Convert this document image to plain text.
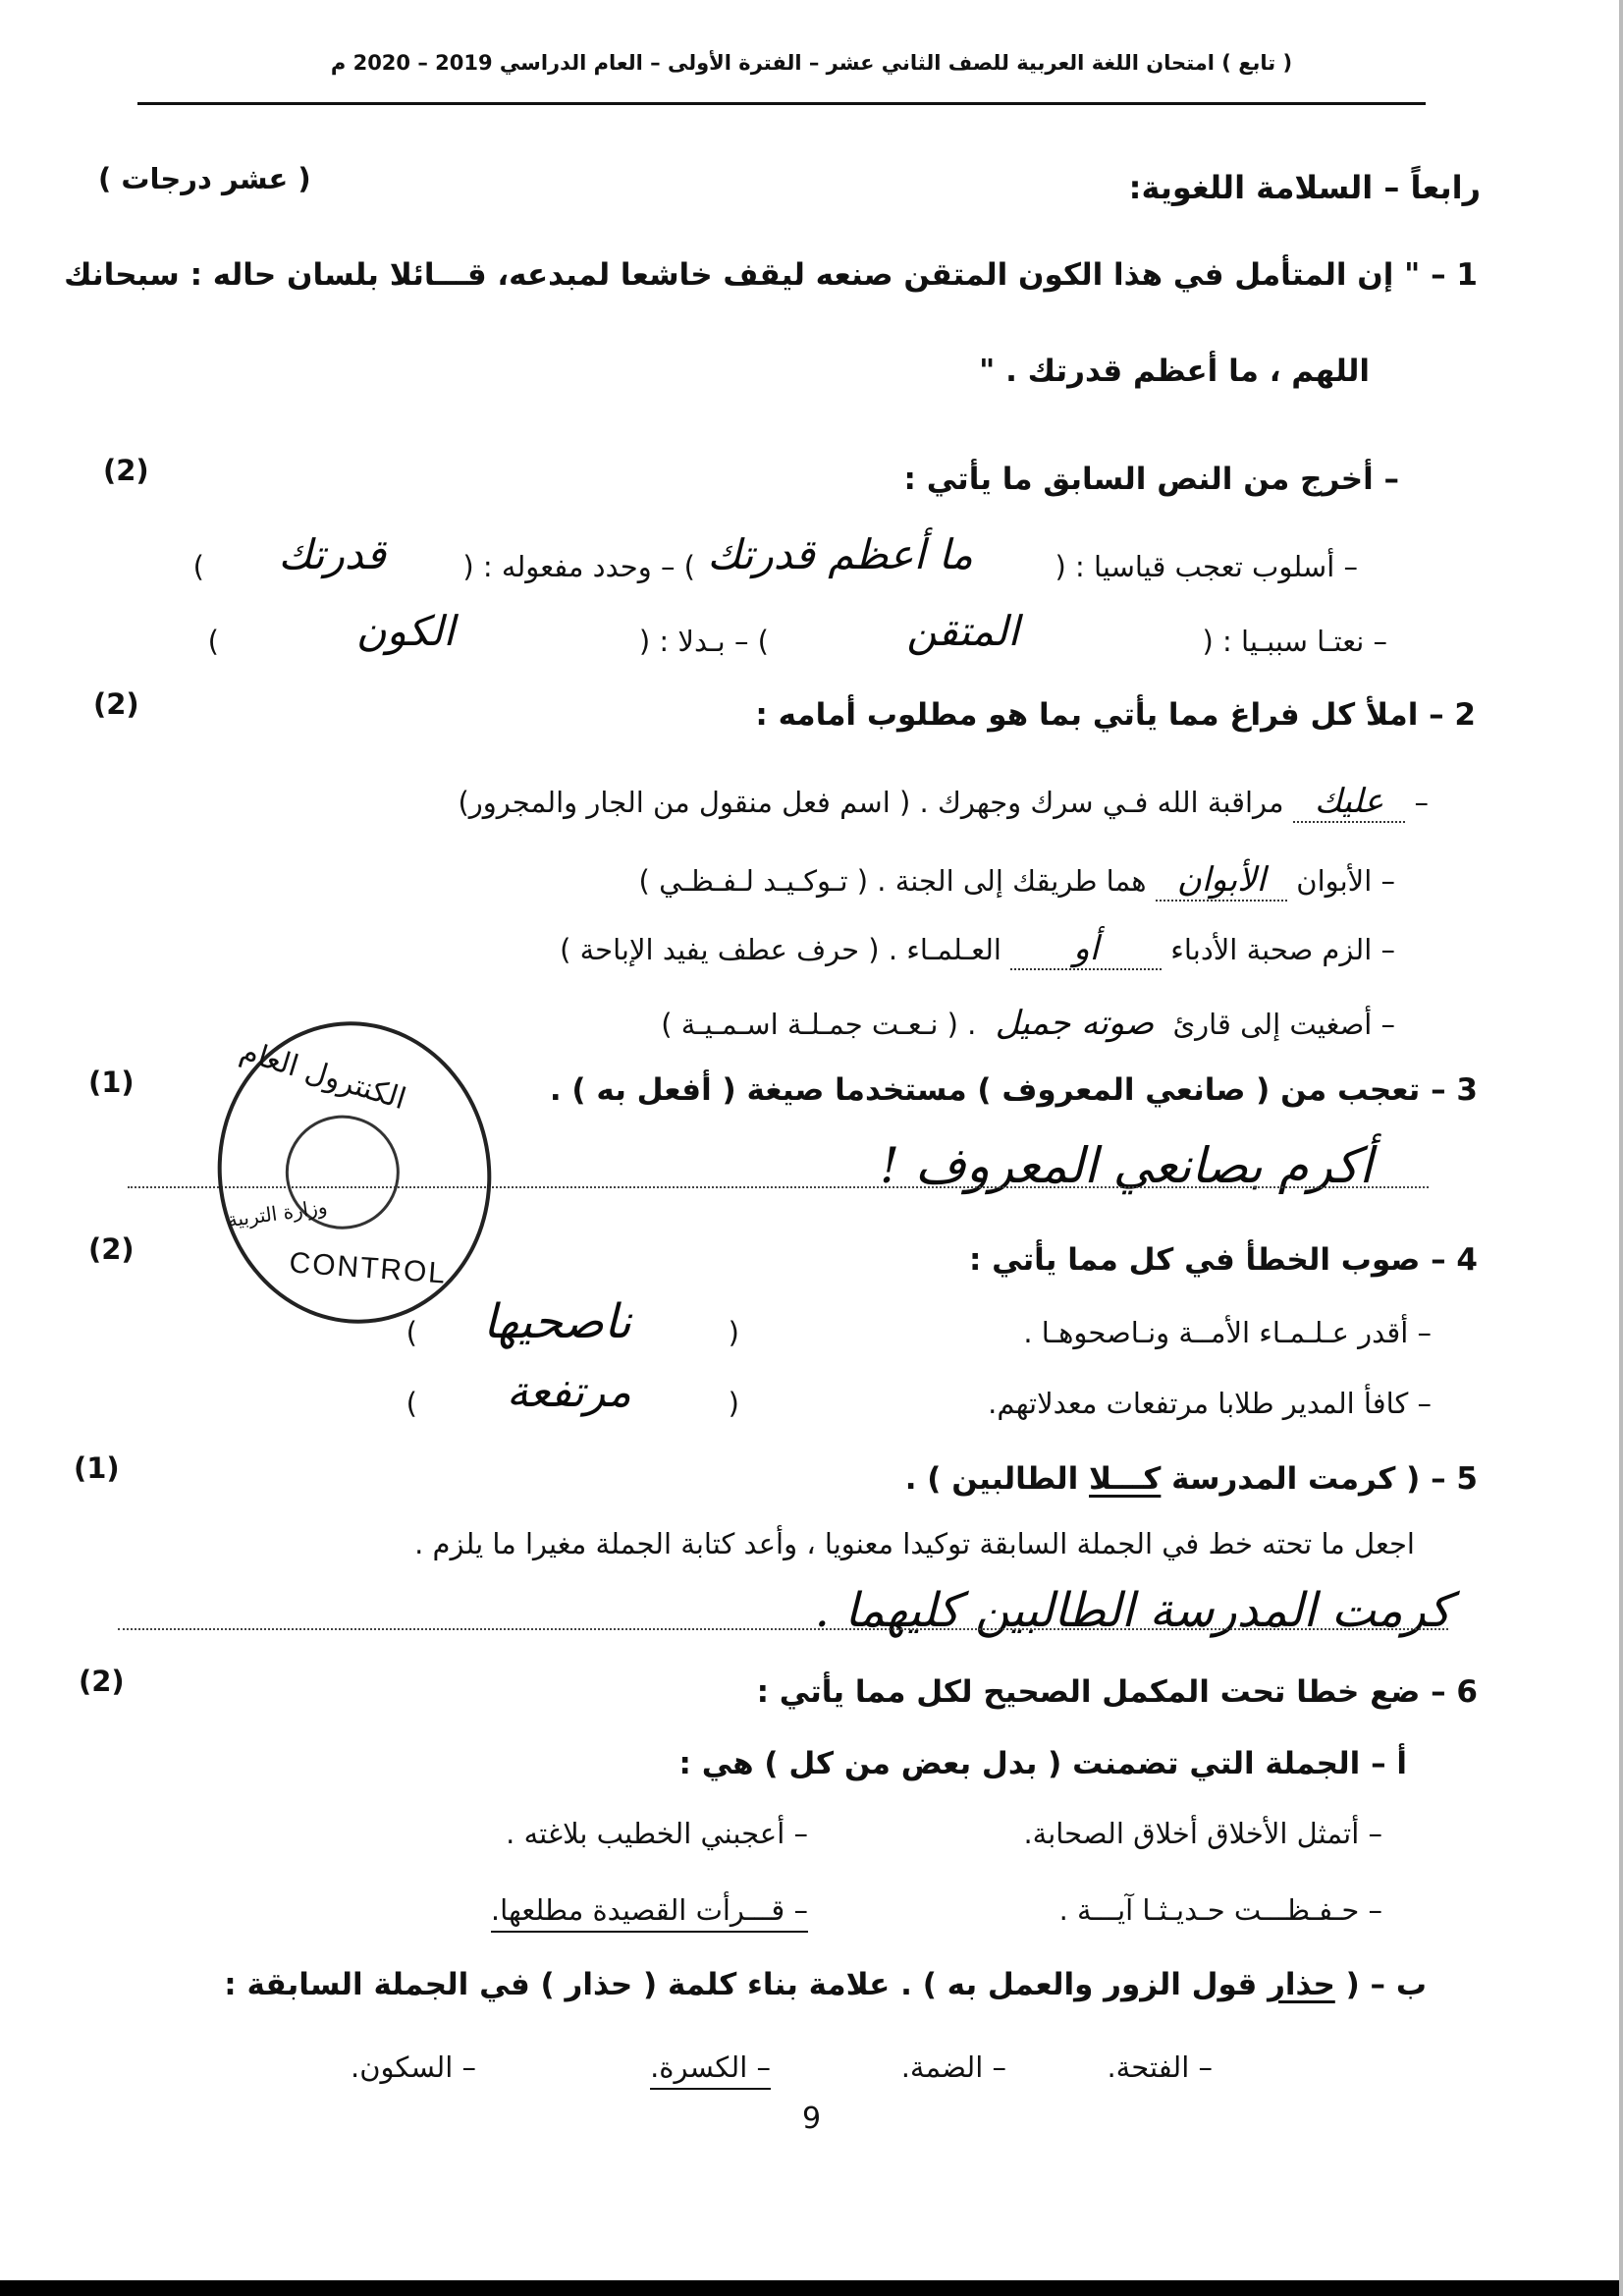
( تابع ) امتحان اللغة العربية للصف الثاني عشر – الفترة الأولى – العام الدراسي 2019 – 2020 م
رابعاً – السلامة اللغوية:
( عشر درجات )
1 – " إن المتأمل في هذا الكون المتقن صنعه ليقف خاشعا لمبدعه، قـــائلا بلسان حاله : سبحانك
اللهم ، ما أعظم قدرتك . "
– أخرج من النص السابق ما يأتي :
(2)
– أسلوب تعجب قياسيا : (
ما أعظم قدرتك
) – وحدد مفعوله : (
قدرتك
)
– نعتـا سببـيا : (
المتقن
) – بـدلا : (
الكون
)
2 – املأ كل فراغ مما يأتي بما هو مطلوب أمامه :
(2)
– عليك مراقبة الله فـي سرك وجهرك . ( اسم فعل منقول من الجار والمجرور)
– الأبوان الأبوان هما طريقك إلى الجنة . ( تـوكـيـد لـفـظـي )
– الزم صحبة الأدباء أو العـلمـاء . ( حرف عطف يفيد الإباحة )
– أصغيت إلى قارئ صوته جميل . ( نـعـت جمـلـة اسـمـيـة )
3 – تعجب من ( صانعي المعروف ) مستخدما صيغة ( أفعل به ) .
(1)
أكرم بصانعي المعروف !
الكنترول العام
وزارة التربية
CONTROL	4 – صوب الخطأ في كل مما يأتي :
(2)
– أقدر عـلـمـاء الأمــة ونـاصحوهـا .
(
ناصحيها
)
– كافأ المدير طلابا مرتفعات معدلاتهم.
(
مرتفعة
)
5 – ( كرمت المدرسة كـــلا الطالبين ) .
(1)
اجعل ما تحته خط في الجملة السابقة توكيدا معنويا ، وأعد كتابة الجملة مغيرا ما يلزم .
كرمت المدرسة الطالبين كليهما .
6 – ضع خطا تحت المكمل الصحيح لكل مما يأتي :
(2)
أ – الجملة التي تضمنت ( بدل بعض من كل ) هي :
– أتمثل الأخلاق أخلاق الصحابة.
– أعجبني الخطيب بلاغته .
– حـفـظـــت حـديـثـا آيـــة .
– قـــرأت القصيدة مطلعها.
ب – ( حذار قول الزور والعمل به ) . علامة بناء كلمة ( حذار ) في الجملة السابقة :
– الفتحة.
– الضمة.
– الكسرة.
– السكون.
9
